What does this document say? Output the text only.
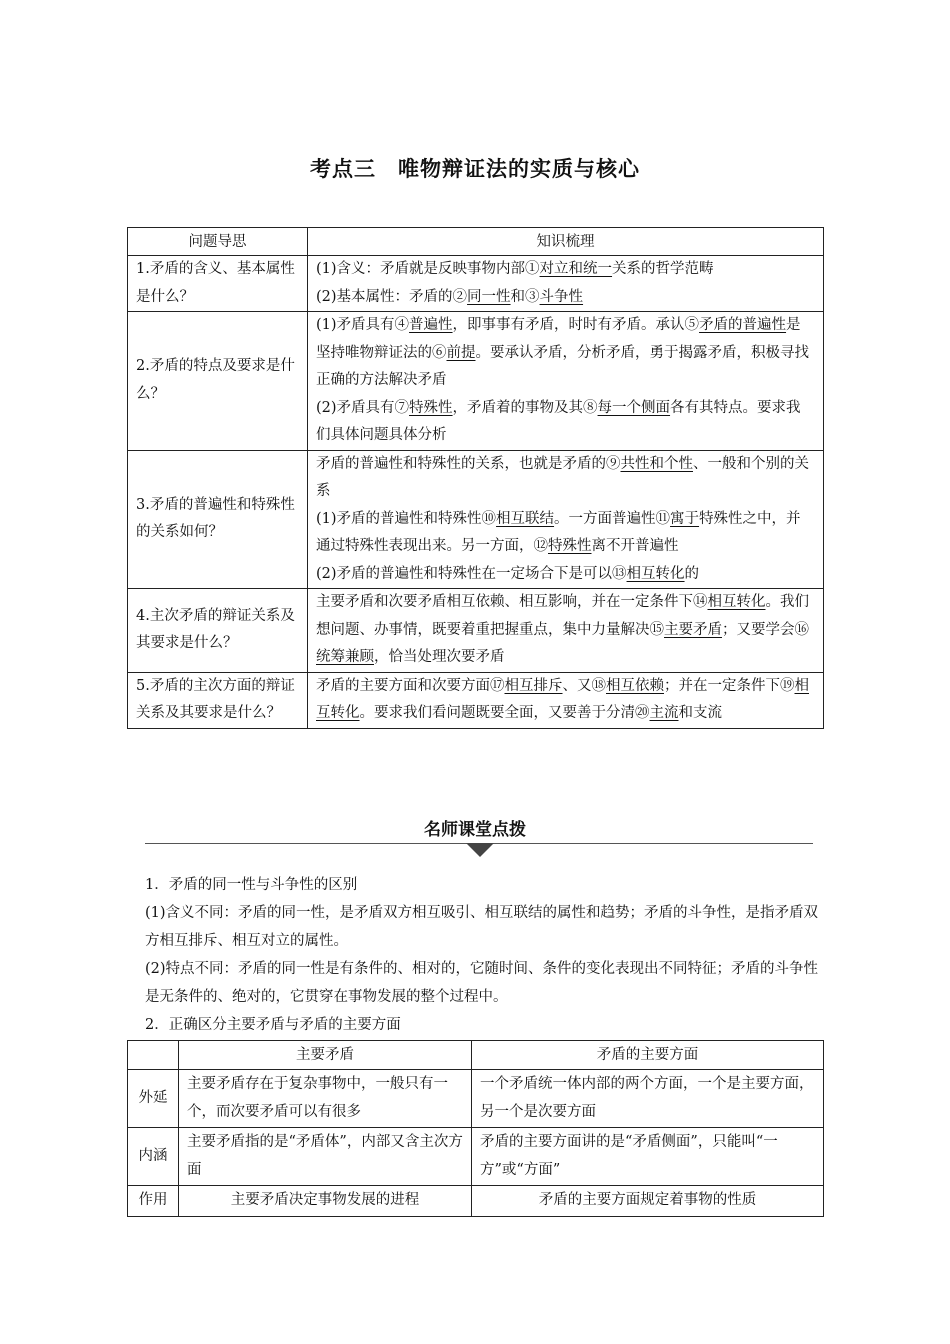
考点三　唯物辩证法的实质与核心
问题导思	知识梳理
1.矛盾的含义、基本属性是什么？	(1)含义：矛盾就是反映事物内部①对立和统一关系的哲学范畴
(2)基本属性：矛盾的②同一性和③斗争性

2.矛盾的特点及要求是什么？	(1)矛盾具有④普遍性，即事事有矛盾，时时有矛盾。承认⑤矛盾的普遍性是坚持唯物辩证法的⑥前提。要承认矛盾，分析矛盾，勇于揭露矛盾，积极寻找正确的方法解决矛盾
(2)矛盾具有⑦特殊性，矛盾着的事物及其⑧每一个侧面各有其特点。要求我们具体问题具体分析

3.矛盾的普遍性和特殊性的关系如何？	矛盾的普遍性和特殊性的关系，也就是矛盾的⑨共性和个性、一般和个别的关系
(1)矛盾的普遍性和特殊性⑩相互联结。一方面普遍性⑪寓于特殊性之中，并通过特殊性表现出来。另一方面，⑫特殊性离不开普遍性
(2)矛盾的普遍性和特殊性在一定场合下是可以⑬相互转化的

4.主次矛盾的辩证关系及其要求是什么？	主要矛盾和次要矛盾相互依赖、相互影响，并在一定条件下⑭相互转化。我们想问题、办事情，既要着重把握重点，集中力量解决⑮主要矛盾；又要学会⑯统筹兼顾，恰当处理次要矛盾

5.矛盾的主次方面的辩证关系及其要求是什么？	矛盾的主要方面和次要方面⑰相互排斥、又⑱相互依赖；并在一定条件下⑲相互转化。要求我们看问题既要全面，又要善于分清⑳主流和支流
名师课堂点拨

1．矛盾的同一性与斗争性的区别

(1)含义不同：矛盾的同一性，是矛盾双方相互吸引、相互联结的属性和趋势；矛盾的斗争性，是指矛盾双方相互排斥、相互对立的属性。

(2)特点不同：矛盾的同一性是有条件的、相对的，它随时间、条件的变化表现出不同特征；矛盾的斗争性是无条件的、绝对的，它贯穿在事物发展的整个过程中。

2．正确区分主要矛盾与矛盾的主要方面

	主要矛盾	矛盾的主要方面
外延	主要矛盾存在于复杂事物中，一般只有一个，而次要矛盾可以有很多	一个矛盾统一体内部的两个方面，一个是主要方面，另一个是次要方面
内涵	主要矛盾指的是“矛盾体”，内部又含主次方面	矛盾的主要方面讲的是“矛盾侧面”，只能叫“一方”或“方面”
作用	主要矛盾决定事物发展的进程	矛盾的主要方面规定着事物的性质
